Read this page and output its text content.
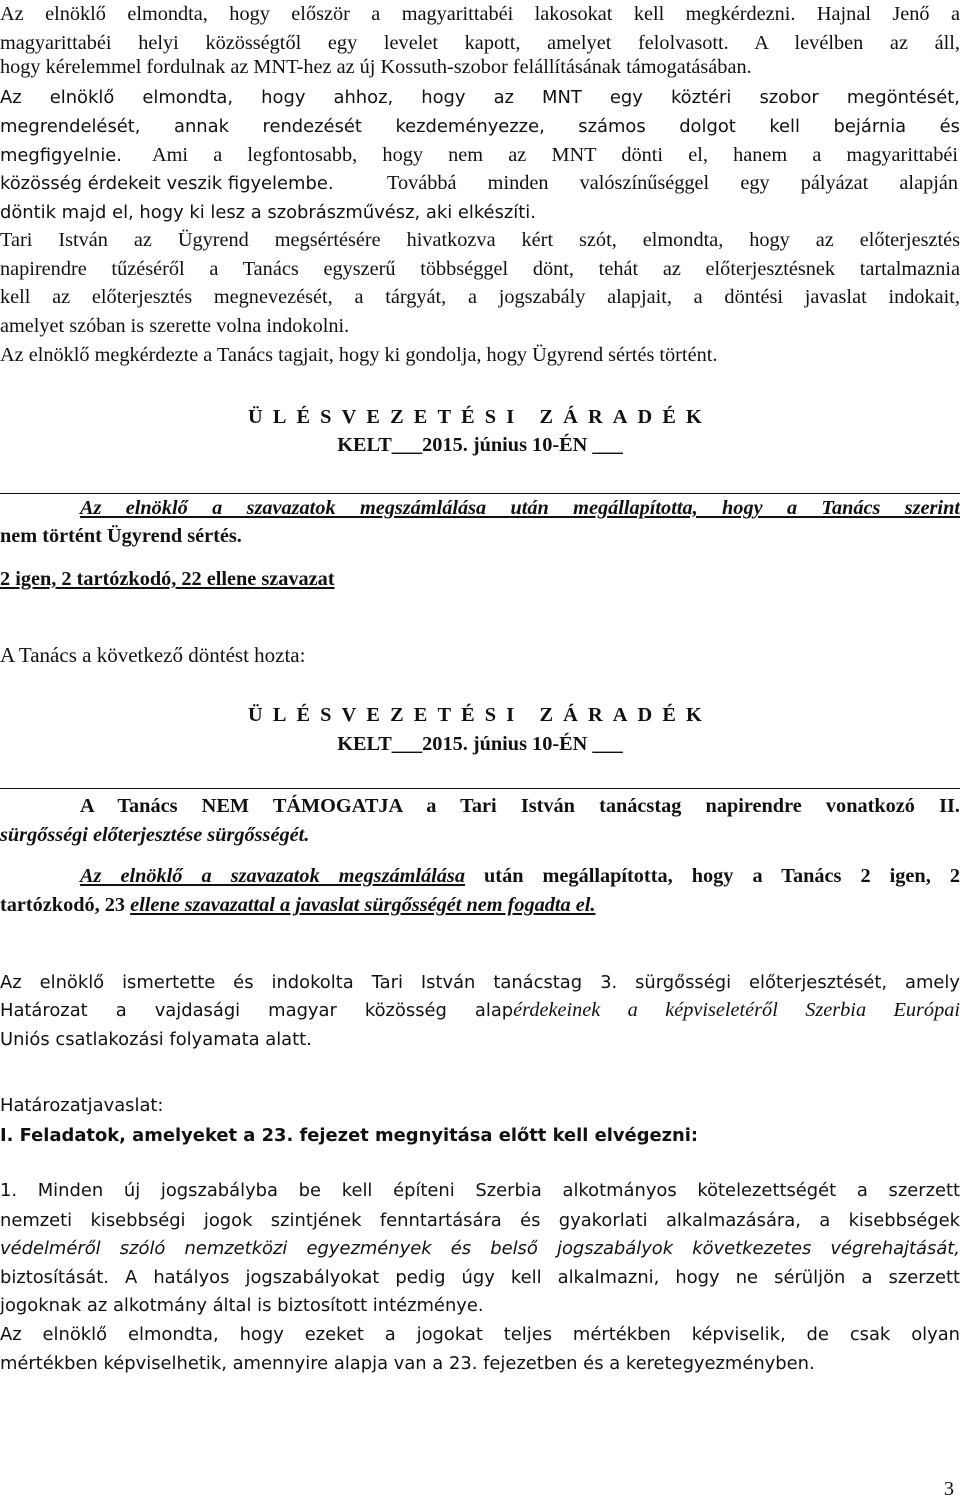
Az elnöklő elmondta, hogy először a magyarittabéi lakosokat kell megkérdezni. Hajnal Jenő a

magyarittabéi helyi közösségtől egy levelet kapott, amelyet felolvasott. A levélben az áll,

hogy kérelemmel fordulnak az MNT-hez az új Kossuth-szobor felállításának támogatásában.

Az elnöklő elmondta, hogy ahhoz, hogy az MNT egy köztéri szobor megöntését,

megrendelését, annak rendezését kezdeményezze, számos dolgot kell bejárnia és

megfigyelnie.	Ami a legfontosabb, hogy nem az MNT dönti el, hanem a magyarittabéi

közösség érdekeit veszik figyelembe.	Továbbá minden valószínűséggel egy pályázat alapján

döntik majd el, hogy ki lesz a szobrászművész, aki elkészíti.

Tari István az Ügyrend megsértésére hivatkozva kért szót, elmondta, hogy az előterjesztés

napirendre tűzéséről a Tanács egyszerű többséggel dönt, tehát az előterjesztésnek tartalmaznia

kell az előterjesztés megnevezését, a tárgyát, a jogszabály alapjait, a döntési javaslat indokait,

amelyet szóban is szerette volna indokolni.

Az elnöklő megkérdezte a Tanács tagjait, hogy ki gondolja, hogy Ügyrend sértés történt.

ÜLÉSVEZETÉSI ZÁRADÉK

KELT___2015. június 10-ÉN ___

Az elnöklő a szavazatok megszámlálása után megállapította, hogy a Tanács szerint

nem történt Ügyrend sértés.

2 igen, 2 tartózkodó, 22 ellene szavazat

A Tanács a következő döntést hozta:

ÜLÉSVEZETÉSI ZÁRADÉK

KELT___2015. június 10-ÉN ___

A Tanács NEM TÁMOGATJA a Tari István tanácstag napirendre vonatkozó II.

sürgősségi előterjesztése sürgősségét.

Az elnöklő a szavazatok megszámlálása után megállapította, hogy a Tanács 2 igen, 2

tartózkodó, 23 ellene szavazattal a javaslat sürgősségét nem fogadta el.

Az elnöklő ismertette és indokolta Tari István tanácstag 3. sürgősségi előterjesztését, amely

Határozat a vajdasági magyar közösség alapérdekeinek a képviseletéről Szerbia Európai

Uniós csatlakozási folyamata alatt.

Határozatjavaslat:

I. Feladatok, amelyeket a 23. fejezet megnyitása előtt kell elvégezni:

1. Minden új jogszabályba be kell építeni Szerbia alkotmányos kötelezettségét a szerzett

nemzeti kisebbségi jogok szintjének fenntartására és gyakorlati alkalmazására, a kisebbségek

védelméről szóló nemzetközi egyezmények és belső jogszabályok következetes végrehajtását,

biztosítását. A hatályos jogszabályokat pedig úgy kell alkalmazni, hogy ne sérüljön a szerzett

jogoknak az alkotmány által is biztosított intézménye.

Az elnöklő elmondta, hogy ezeket a jogokat teljes mértékben képviselik, de csak olyan

mértékben képviselhetik, amennyire alapja van a 23. fejezetben és a keretegyezményben.

3
